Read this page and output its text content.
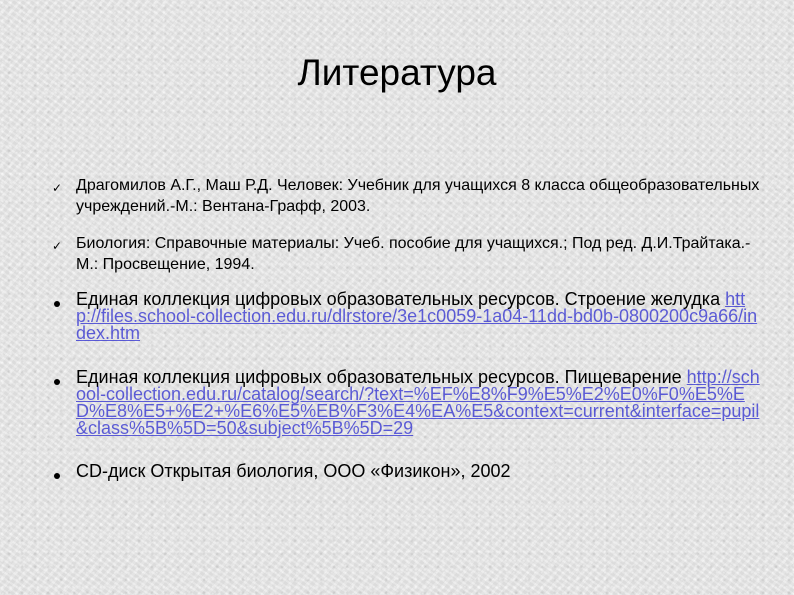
Литература
✓ Драгомилов А.Г., Маш Р.Д. Человек: Учебник для учащихся 8 класса общеобразовательных учреждений.-М.: Вентана-Графф, 2003.
✓ Биология: Справочные материалы: Учеб. пособие для учащихся.; Под ред. Д.И.Трайтака.-М.: Просвещение, 1994.
Единая коллекция цифровых образовательных ресурсов. Строение желудка http://files.school-collection.edu.ru/dlrstore/3e1c0059-1a04-11dd-bd0b-0800200c9a66/index.htm
Единая коллекция цифровых образовательных ресурсов. Пищеварение http://school-collection.edu.ru/catalog/search/?text=%EF%E8%F9%E5%E2%E0%F0%E5%ED%E8%E5+%E2+%E6%E5%EB%F3%E4%EA%E5&context=current&interface=pupil&class%5B%5D=50&subject%5B%5D=29
CD-диск Открытая биология, ООО «Физикон», 2002
